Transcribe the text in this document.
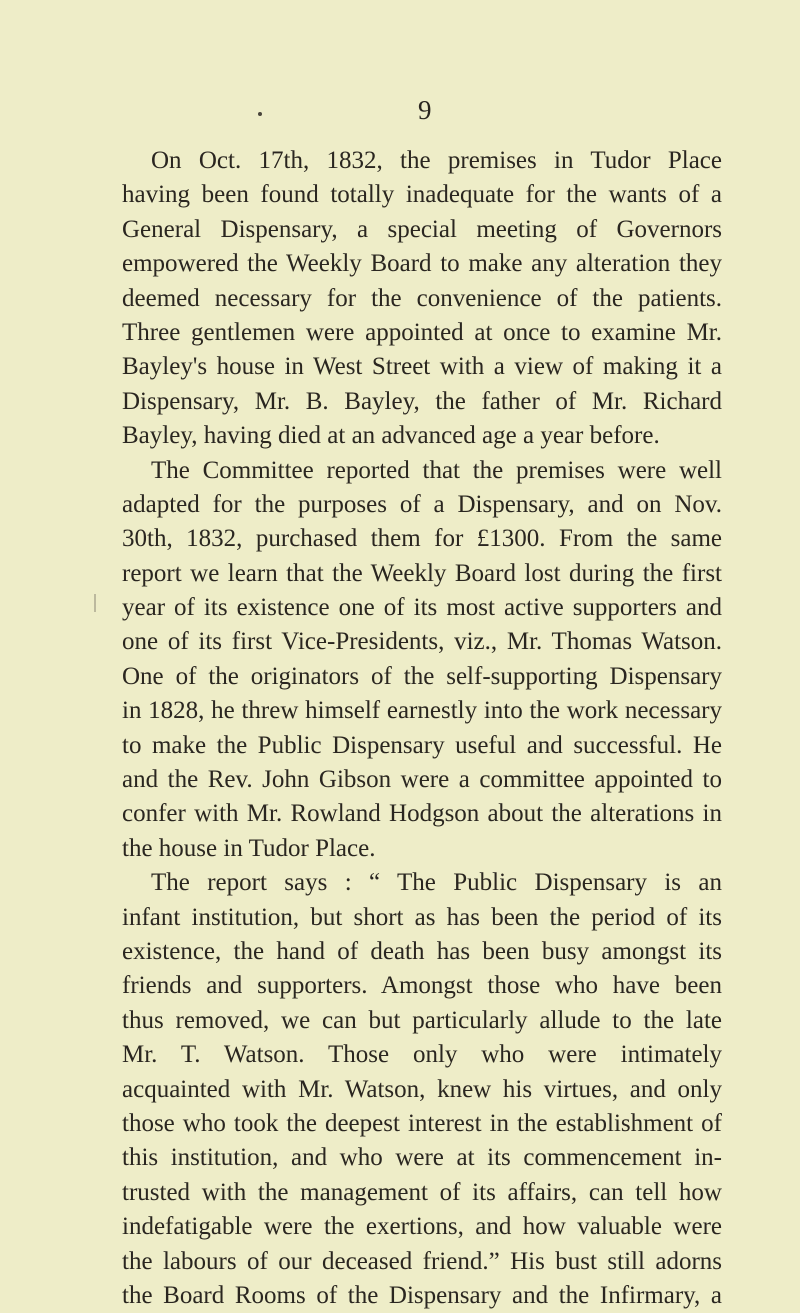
9
On Oct. 17th, 1832, the premises in Tudor Place
having been found totally inadequate for the wants of a
General Dispensary, a special meeting of Governors
empowered the Weekly Board to make any alteration they
deemed necessary for the convenience of the patients.
Three gentlemen were appointed at once to examine Mr.
Bayley's house in West Street with a view of making it a
Dispensary, Mr. B. Bayley, the father of Mr. Richard
Bayley, having died at an advanced age a year before.
The Committee reported that the premises were well
adapted for the purposes of a Dispensary, and on Nov.
30th, 1832, purchased them for £1300. From the same
report we learn that the Weekly Board lost during the first
year of its existence one of its most active supporters and
one of its first Vice-Presidents, viz., Mr. Thomas Watson.
One of the originators of the self-supporting Dispensary
in 1828, he threw himself earnestly into the work necessary
to make the Public Dispensary useful and successful. He
and the Rev. John Gibson were a committee appointed to
confer with Mr. Rowland Hodgson about the alterations in
the house in Tudor Place.
The report says : “ The Public Dispensary is an
infant institution, but short as has been the period of its
existence, the hand of death has been busy amongst its
friends and supporters. Amongst those who have been
thus removed, we can but particularly allude to the late
Mr. T. Watson. Those only who were intimately
acquainted with Mr. Watson, knew his virtues, and only
those who took the deepest interest in the establishment of
this institution, and who were at its commencement in-
trusted with the management of its affairs, can tell how
indefatigable were the exertions, and how valuable were
the labours of our deceased friend.” His bust still adorns
the Board Rooms of the Dispensary and the Infirmary, a
